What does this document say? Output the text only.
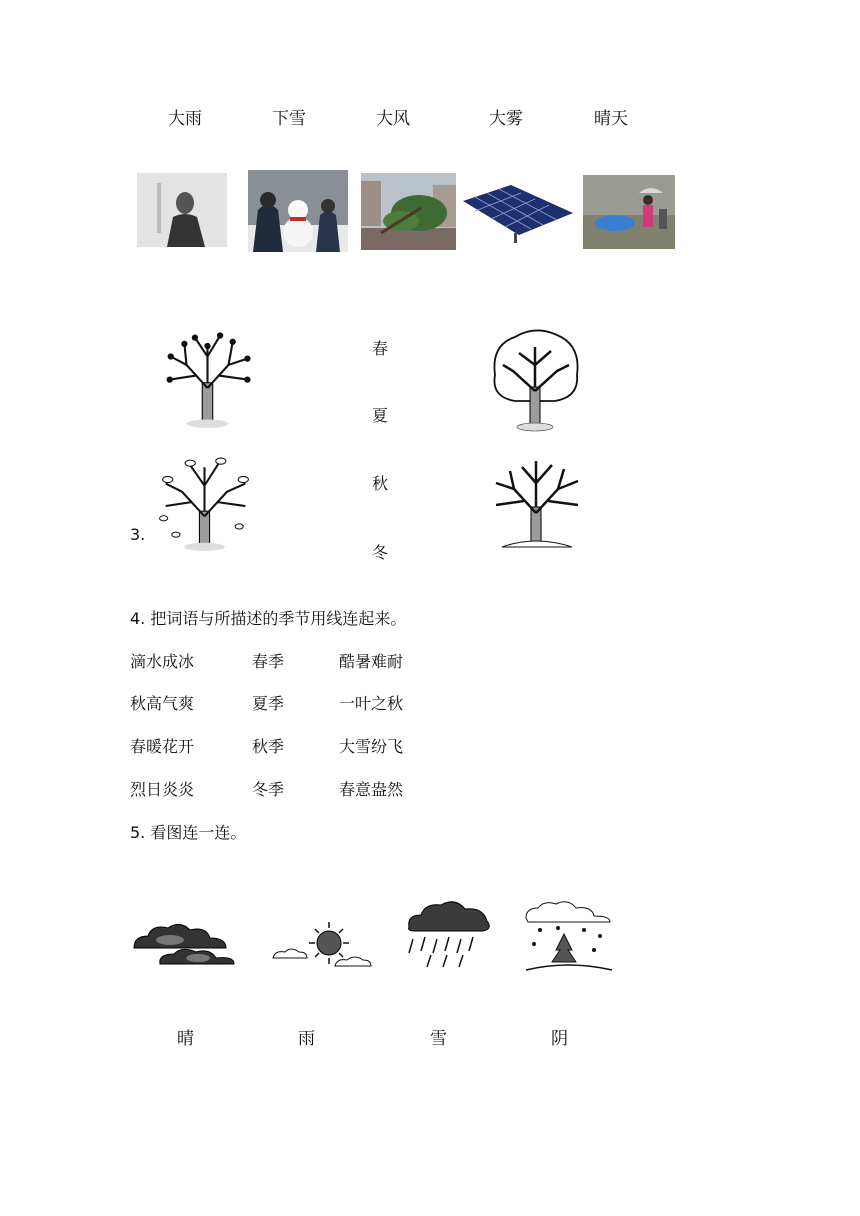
大雨	下雪	大风	大雾	晴天
春
夏
秋
冬
3.
4. 把词语与所描述的季节用线连起来。
滴水成冰	春季	酷暑难耐
秋高气爽	夏季	一叶之秋
春暖花开	秋季	大雪纷飞
烈日炎炎	冬季	春意盎然
5. 看图连一连。
晴	雨	雪	阴
